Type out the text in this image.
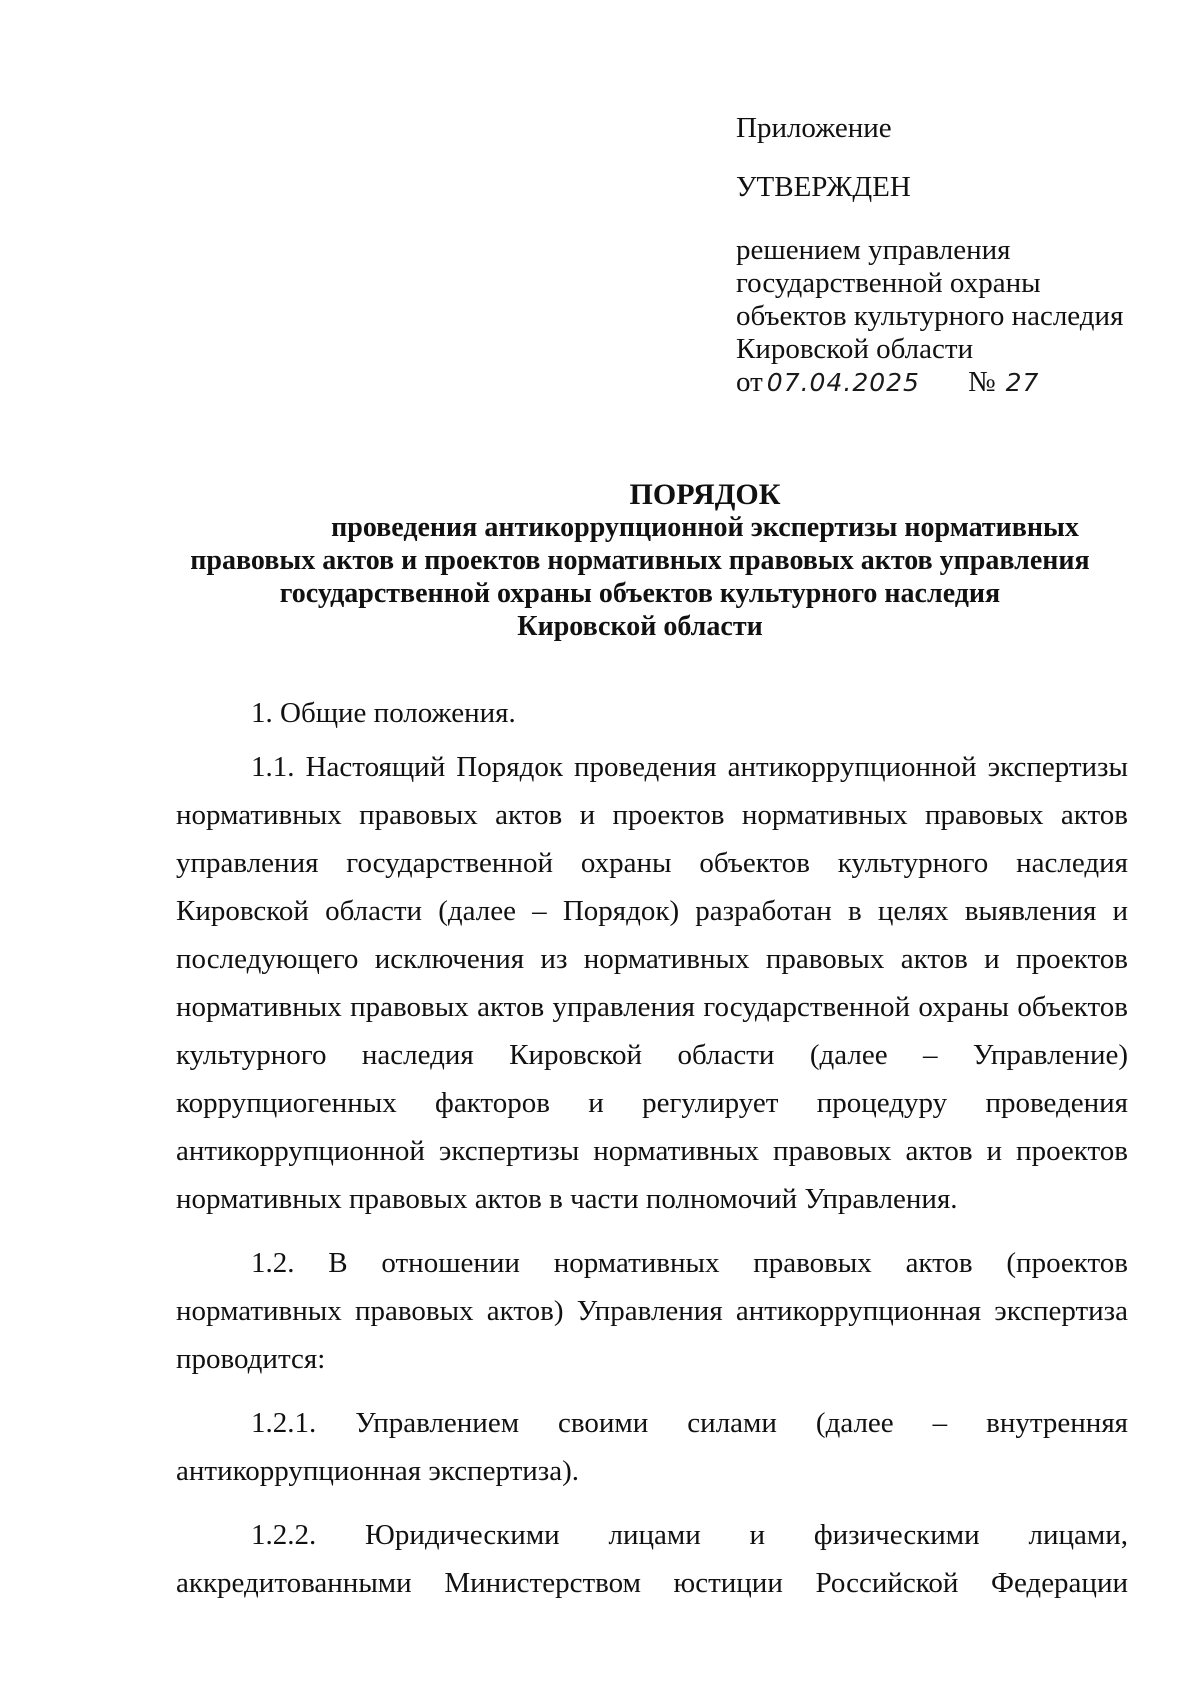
Приложение
УТВЕРЖДЕН
решением управления
государственной охраны
объектов культурного наследия
Кировской области
от 07.04.2025 № 27
ПОРЯДОК
проведения антикоррупционной экспертизы нормативных
правовых актов и проектов нормативных правовых актов управления
государственной охраны объектов культурного наследия
Кировской области

1. Общие положения.

1.1. Настоящий Порядок проведения антикоррупционной экспертизы нормативных правовых актов и проектов нормативных правовых актов управления государственной охраны объектов культурного наследия Кировской области (далее – Порядок) разработан в целях выявления и последующего исключения из нормативных правовых актов и проектов нормативных правовых актов управления государственной охраны объектов культурного наследия Кировской области (далее – Управление) коррупциогенных факторов и регулирует процедуру проведения антикоррупционной экспертизы нормативных правовых актов и проектов нормативных правовых актов в части полномочий Управления.

1.2. В отношении нормативных правовых актов (проектов нормативных правовых актов) Управления антикоррупционная экспертиза проводится:

1.2.1. Управлением своими силами (далее – внутренняя антикоррупционная экспертиза).

1.2.2. Юридическими лицами и физическими лицами, аккредитованными Министерством юстиции Российской Федерации
